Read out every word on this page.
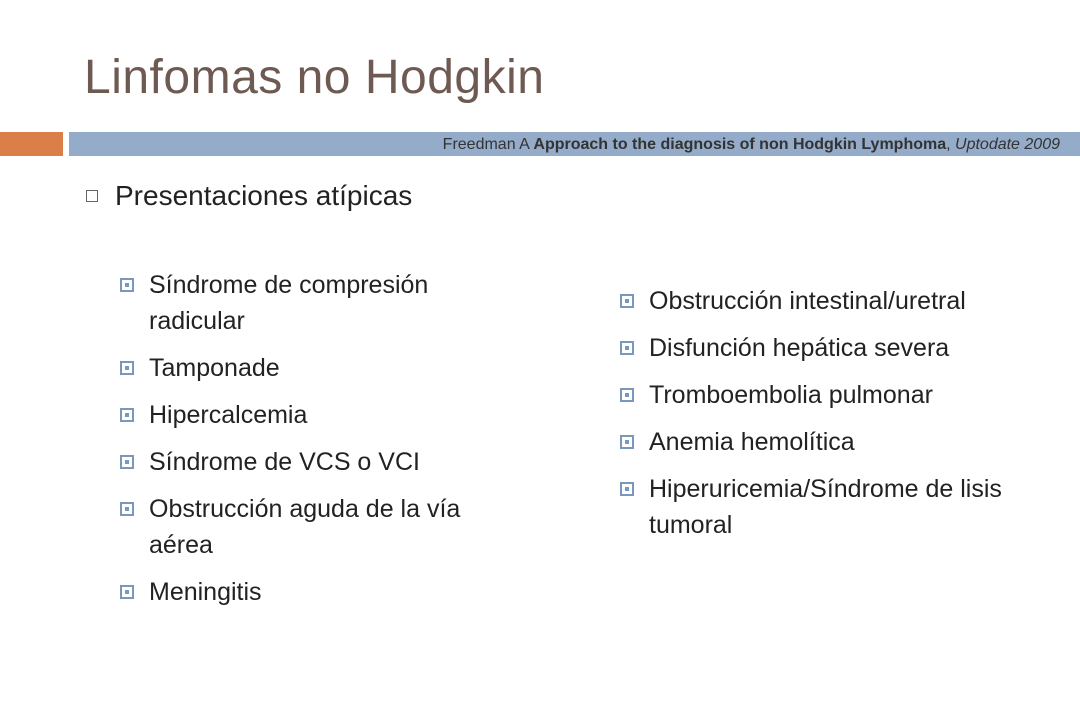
Linfomas no Hodgkin
Freedman A Approach to the diagnosis of non Hodgkin Lymphoma, Uptodate 2009
Presentaciones atípicas
Síndrome de compresión radicular
Tamponade
Hipercalcemia
Síndrome de VCS o VCI
Obstrucción aguda de la vía aérea
Meningitis
Obstrucción intestinal/uretral
Disfunción hepática severa
Tromboembolia pulmonar
Anemia hemolítica
Hiperuricemia/Síndrome de lisis tumoral
